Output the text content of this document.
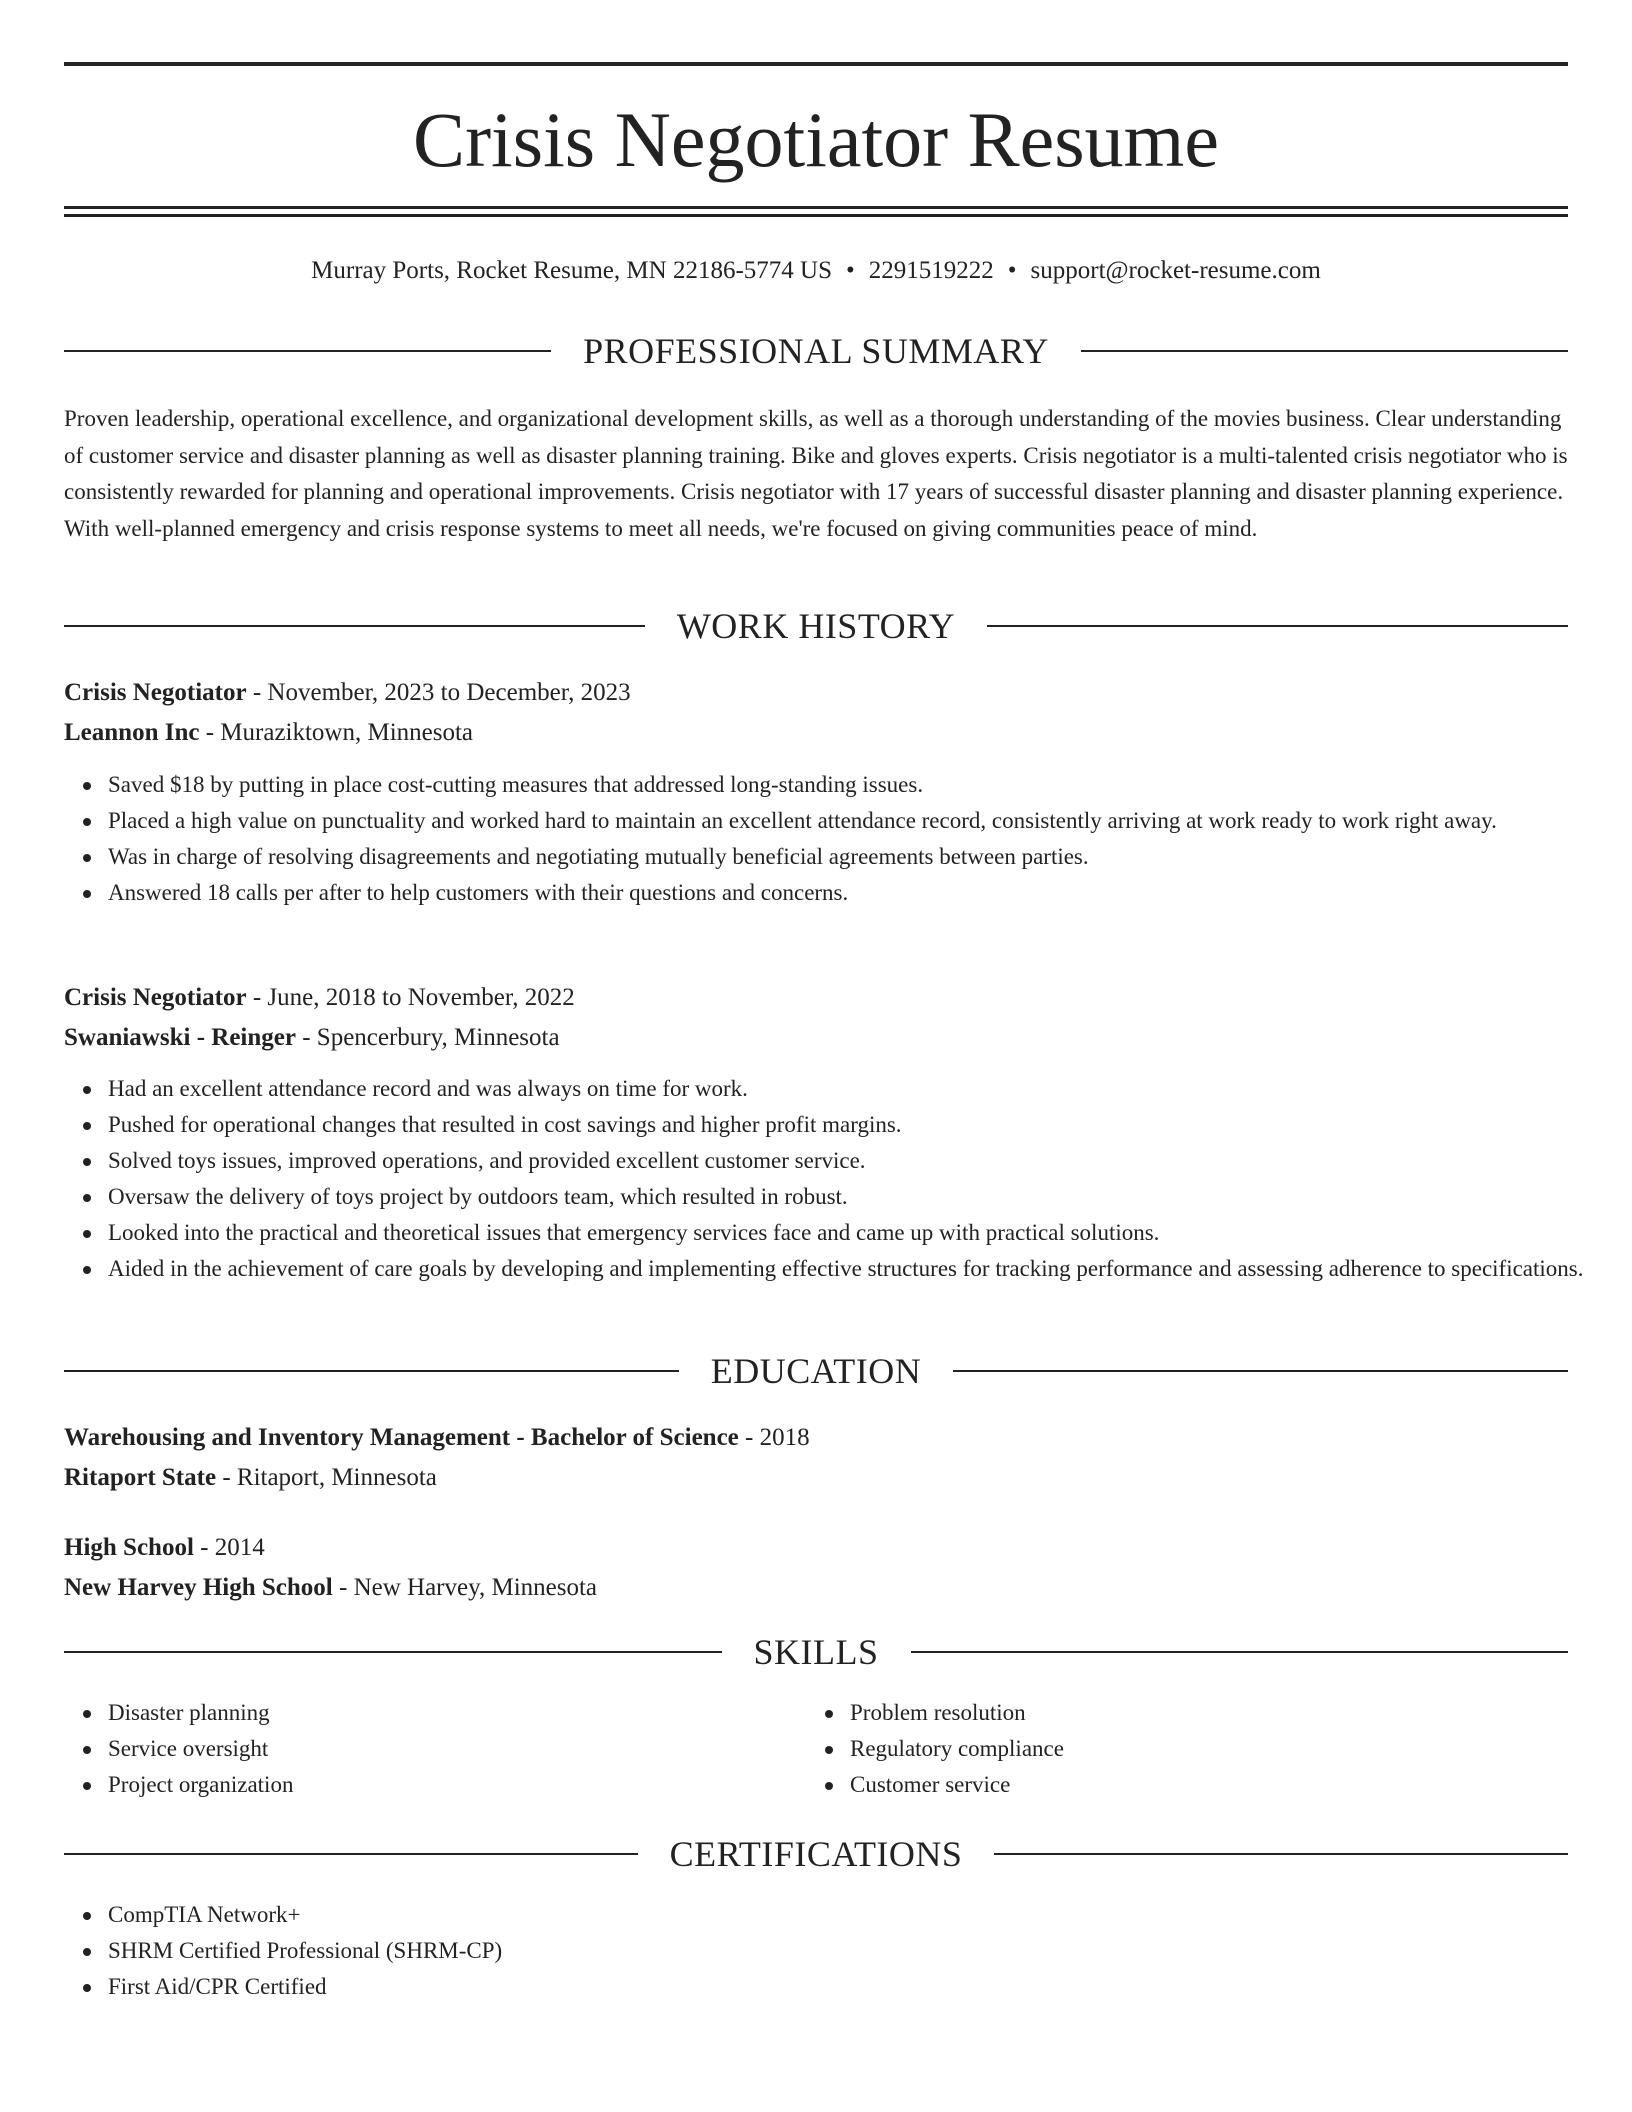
Crisis Negotiator Resume
Murray Ports, Rocket Resume, MN 22186-5774 US • 2291519222 • support@rocket-resume.com
PROFESSIONAL SUMMARY

Proven leadership, operational excellence, and organizational development skills, as well as a thorough understanding of the movies business. Clear understanding of customer service and disaster planning as well as disaster planning training. Bike and gloves experts. Crisis negotiator is a multi-talented crisis negotiator who is consistently rewarded for planning and operational improvements. Crisis negotiator with 17 years of successful disaster planning and disaster planning experience. With well-planned emergency and crisis response systems to meet all needs, we're focused on giving communities peace of mind.

WORK HISTORY
Crisis Negotiator - November, 2023 to December, 2023
Leannon Inc - Muraziktown, Minnesota
Saved $18 by putting in place cost-cutting measures that addressed long-standing issues.
Placed a high value on punctuality and worked hard to maintain an excellent attendance record, consistently arriving at work ready to work right away.
Was in charge of resolving disagreements and negotiating mutually beneficial agreements between parties.
Answered 18 calls per after to help customers with their questions and concerns.
Crisis Negotiator - June, 2018 to November, 2022
Swaniawski - Reinger - Spencerbury, Minnesota
Had an excellent attendance record and was always on time for work.
Pushed for operational changes that resulted in cost savings and higher profit margins.
Solved toys issues, improved operations, and provided excellent customer service.
Oversaw the delivery of toys project by outdoors team, which resulted in robust.
Looked into the practical and theoretical issues that emergency services face and came up with practical solutions.
Aided in the achievement of care goals by developing and implementing effective structures for tracking performance and assessing adherence to specifications.
EDUCATION
Warehousing and Inventory Management - Bachelor of Science - 2018
Ritaport State - Ritaport, Minnesota
High School - 2014
New Harvey High School - New Harvey, Minnesota
SKILLS
Disaster planning
Service oversight
Project organization
Problem resolution
Regulatory compliance
Customer service
CERTIFICATIONS
CompTIA Network+
SHRM Certified Professional (SHRM-CP)
First Aid/CPR Certified
